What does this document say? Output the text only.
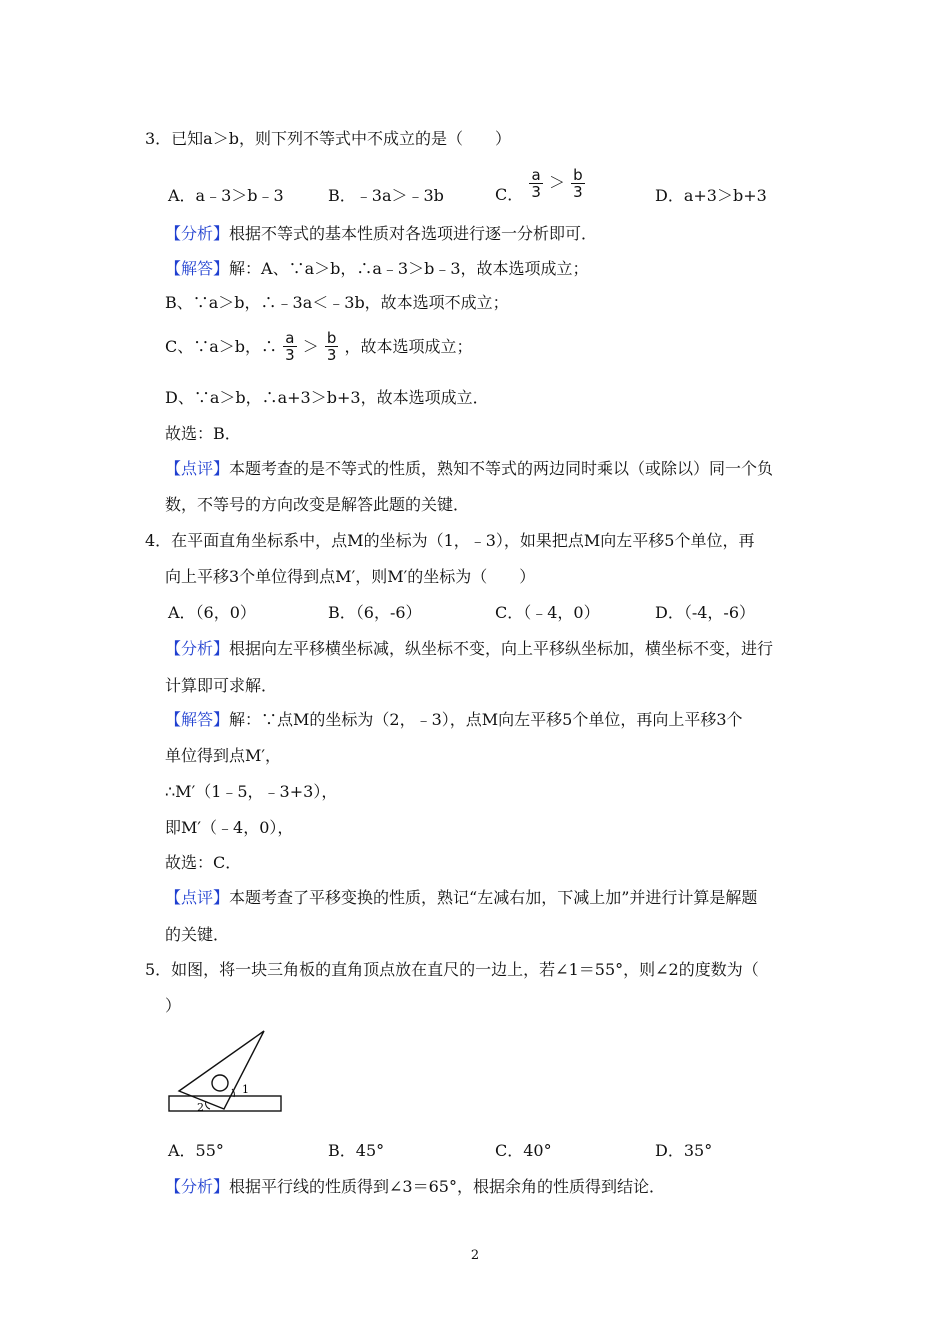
3．已知a＞b，则下列不等式中不成立的是（　　）
A．a﹣3＞b﹣3	B．﹣3a＞﹣3b	C． $\frac{a}{3} > \frac{b}{3}$	D．a+3＞b+3
【分析】根据不等式的基本性质对各选项进行逐一分析即可．
【解答】解：A、∵a＞b，∴a﹣3＞b﹣3，故本选项成立；
B、∵a＞b，∴﹣3a＜﹣3b，故本选项不成立；
C、∵a＞b，∴ $\frac{a}{3} > \frac{b}{3}$ ，故本选项成立；
D、∵a＞b，∴a+3＞b+3，故本选项成立．
故选：B．
【点评】本题考查的是不等式的性质，熟知不等式的两边同时乘以（或除以）同一个负
数，不等号的方向改变是解答此题的关键．
4．在平面直角坐标系中，点M的坐标为（1，﹣3），如果把点M向左平移5个单位，再
向上平移3个单位得到点M′，则M′的坐标为（　　）
A．（6，0）	B．（6，-6）	C．（﹣4，0）	D．（-4，-6）
【分析】根据向左平移横坐标减，纵坐标不变，向上平移纵坐标加，横坐标不变，进行
计算即可求解．
【解答】解：∵点M的坐标为（2，﹣3），点M向左平移5个单位，再向上平移3个
单位得到点M′，
∴M′（1﹣5，﹣3+3），
即M′（﹣4，0），
故选：C．
【点评】本题考查了平移变换的性质，熟记“左减右加，下减上加”并进行计算是解题
的关键．
5．如图，将一块三角板的直角顶点放在直尺的一边上，若∠1＝55°，则∠2的度数为（
）
1
2
A．55°	B．45°	C．40°	D．35°
【分析】根据平行线的性质得到∠3＝65°，根据余角的性质得到结论．
2
